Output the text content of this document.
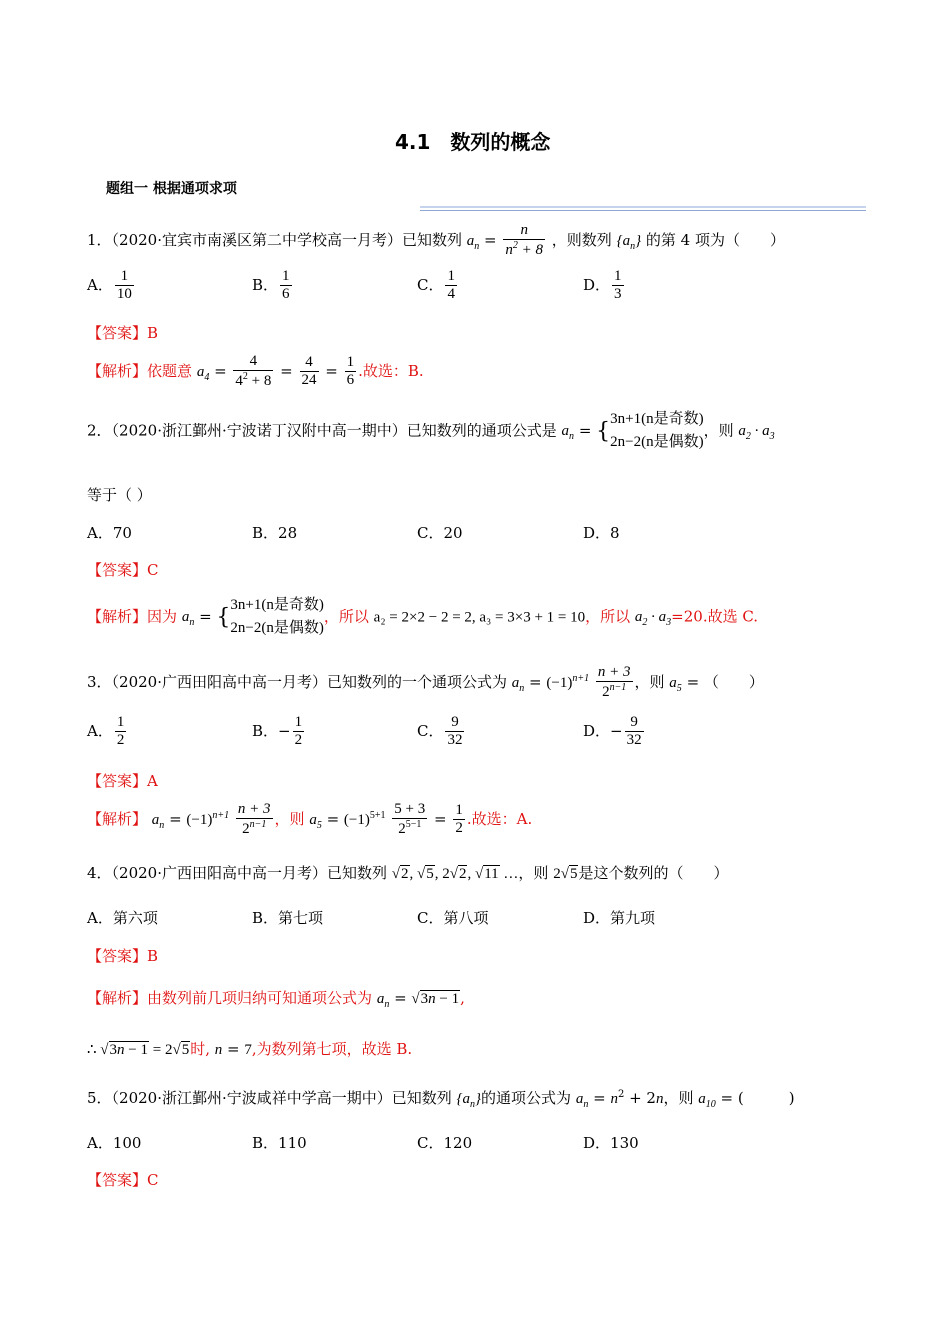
4.1　数列的概念
题组一 根据通项求项
1．（2020·宜宾市南溪区第二中学校高一月考）已知数列 $a_n = \frac{n}{n^2 + 8}$ ，则数列 $\{a_n\}$ 的第 4 项为（　　）
A． $\frac{1}{10}$	B． $\frac{1}{6}$	C． $\frac{1}{4}$	D． $\frac{1}{3}$
【答案】B
【解析】依题意 $a_4 = \frac{4}{4^2 + 8} = \frac{4}{24} = \frac{1}{6}$ .故选：B.
2．（2020·浙江鄞州·宁波诺丁汉附中高一期中）已知数列的通项公式是 $a_n$ = { 3n+1(n是奇数)
2n−2(n是偶数)
，则 $a_2 \cdot a_3$
等于（ ）
A．70	B．28	C．20	D．8
【答案】C
【解析】因为 $a_n$ = { 3n+1(n是奇数)
2n−2(n是偶数)
，所以 a₂ = 2×2 − 2 = 2, a₃ = 3×3 + 1 = 10，所以 $a_2 \cdot a_3=20$.故选 C.
3．（2020·广西田阳高中高一月考）已知数列的一个通项公式为 $a_n = (-1)^{n+1} \frac{n + 3}{2^{n-1}}$ ，则 $a_5$ = （　　）
A． $\frac{1}{2}$	B．− $\frac{1}{2}$	C． $\frac{9}{32}$	D．− $\frac{9}{32}$
【答案】A
【解析】 $a_n = (-1)^{n+1} \frac{n + 3}{2^{n-1}}$ ，则 $a_5 = (-1)^{5+1} \frac{5 + 3}{2^{5-1}} = \frac{1}{2}$ .故选：A.
4．（2020·广西田阳高中高一月考）已知数列 √2, √5, 2√2, √11 …，则 2√5是这个数列的（　　）
A．第六项	B．第七项	C．第八项	D．第九项
【答案】B
【解析】由数列前几项归纳可知通项公式为 $a_n = √3n - 1$,
∴ √3n − 1 = 2√5时, n = 7,为数列第七项，故选 B.
5．（2020·浙江鄞州·宁波咸祥中学高一期中）已知数列 $\{a_n\}$的通项公式为 $a_n = n^2 + 2n$，则 $a_{10}$ = (　　　)
A．100	B．110	C．120	D．130
【答案】C
